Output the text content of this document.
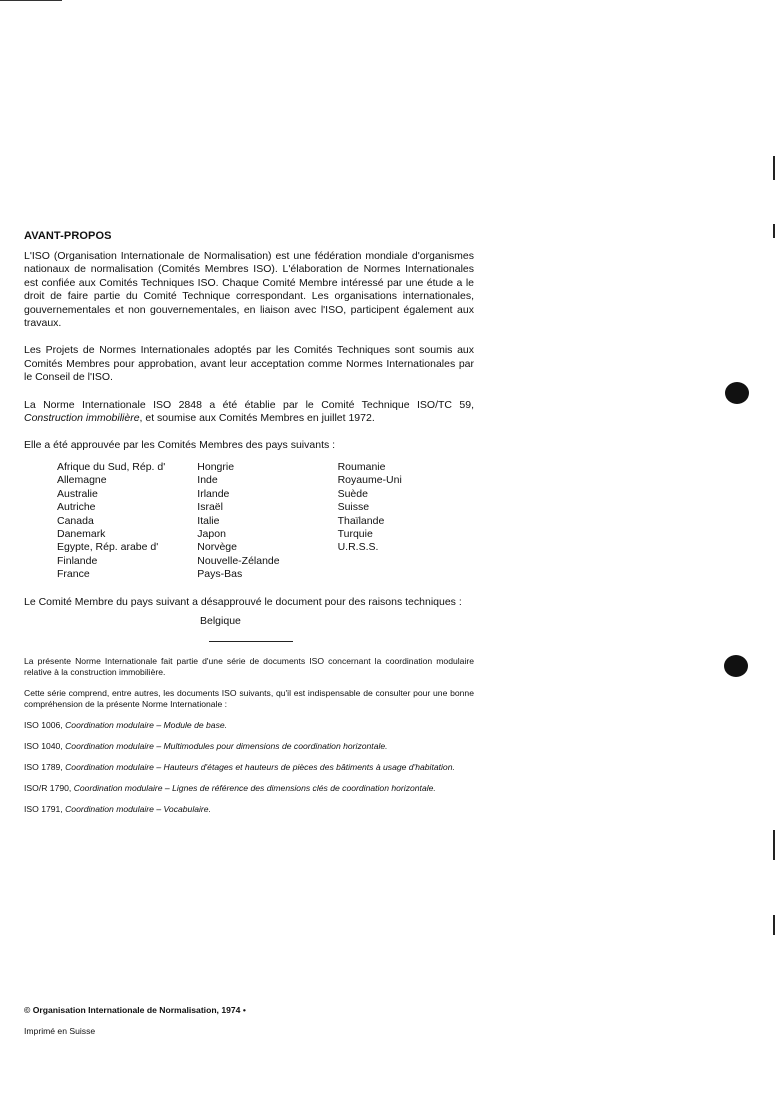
AVANT-PROPOS

L'ISO (Organisation Internationale de Normalisation) est une fédération mondiale d'organismes nationaux de normalisation (Comités Membres ISO). L'élaboration de Normes Internationales est confiée aux Comités Techniques ISO. Chaque Comité Membre intéressé par une étude a le droit de faire partie du Comité Technique correspondant. Les organisations internationales, gouvernementales et non gouvernementales, en liaison avec l'ISO, participent également aux travaux.

Les Projets de Normes Internationales adoptés par les Comités Techniques sont soumis aux Comités Membres pour approbation, avant leur acceptation comme Normes Internationales par le Conseil de l'ISO.

La Norme Internationale ISO 2848 a été établie par le Comité Technique ISO/TC 59, Construction immobilière, et soumise aux Comités Membres en juillet 1972.

Elle a été approuvée par les Comités Membres des pays suivants :

Afrique du Sud, Rép. d'
Allemagne
Australie
Autriche
Canada
Danemark
Egypte, Rép. arabe d'
Finlande
France
Hongrie
Inde
Irlande
Israël
Italie
Japon
Norvège
Nouvelle-Zélande
Pays-Bas
Roumanie
Royaume-Uni
Suède
Suisse
Thaïlande
Turquie
U.R.S.S.

Le Comité Membre du pays suivant a désapprouvé le document pour des raisons techniques :

Belgique

La présente Norme Internationale fait partie d'une série de documents ISO concernant la coordination modulaire relative à la construction immobilière.

Cette série comprend, entre autres, les documents ISO suivants, qu'il est indispensable de consulter pour une bonne compréhension de la présente Norme Internationale :

ISO 1006, Coordination modulaire – Module de base.

ISO 1040, Coordination modulaire – Multimodules pour dimensions de coordination horizontale.

ISO 1789, Coordination modulaire – Hauteurs d'étages et hauteurs de pièces des bâtiments à usage d'habitation.

ISO/R 1790, Coordination modulaire – Lignes de référence des dimensions clés de coordination horizontale.

ISO 1791, Coordination modulaire – Vocabulaire.

© Organisation Internationale de Normalisation, 1974 •
Imprimé en Suisse
